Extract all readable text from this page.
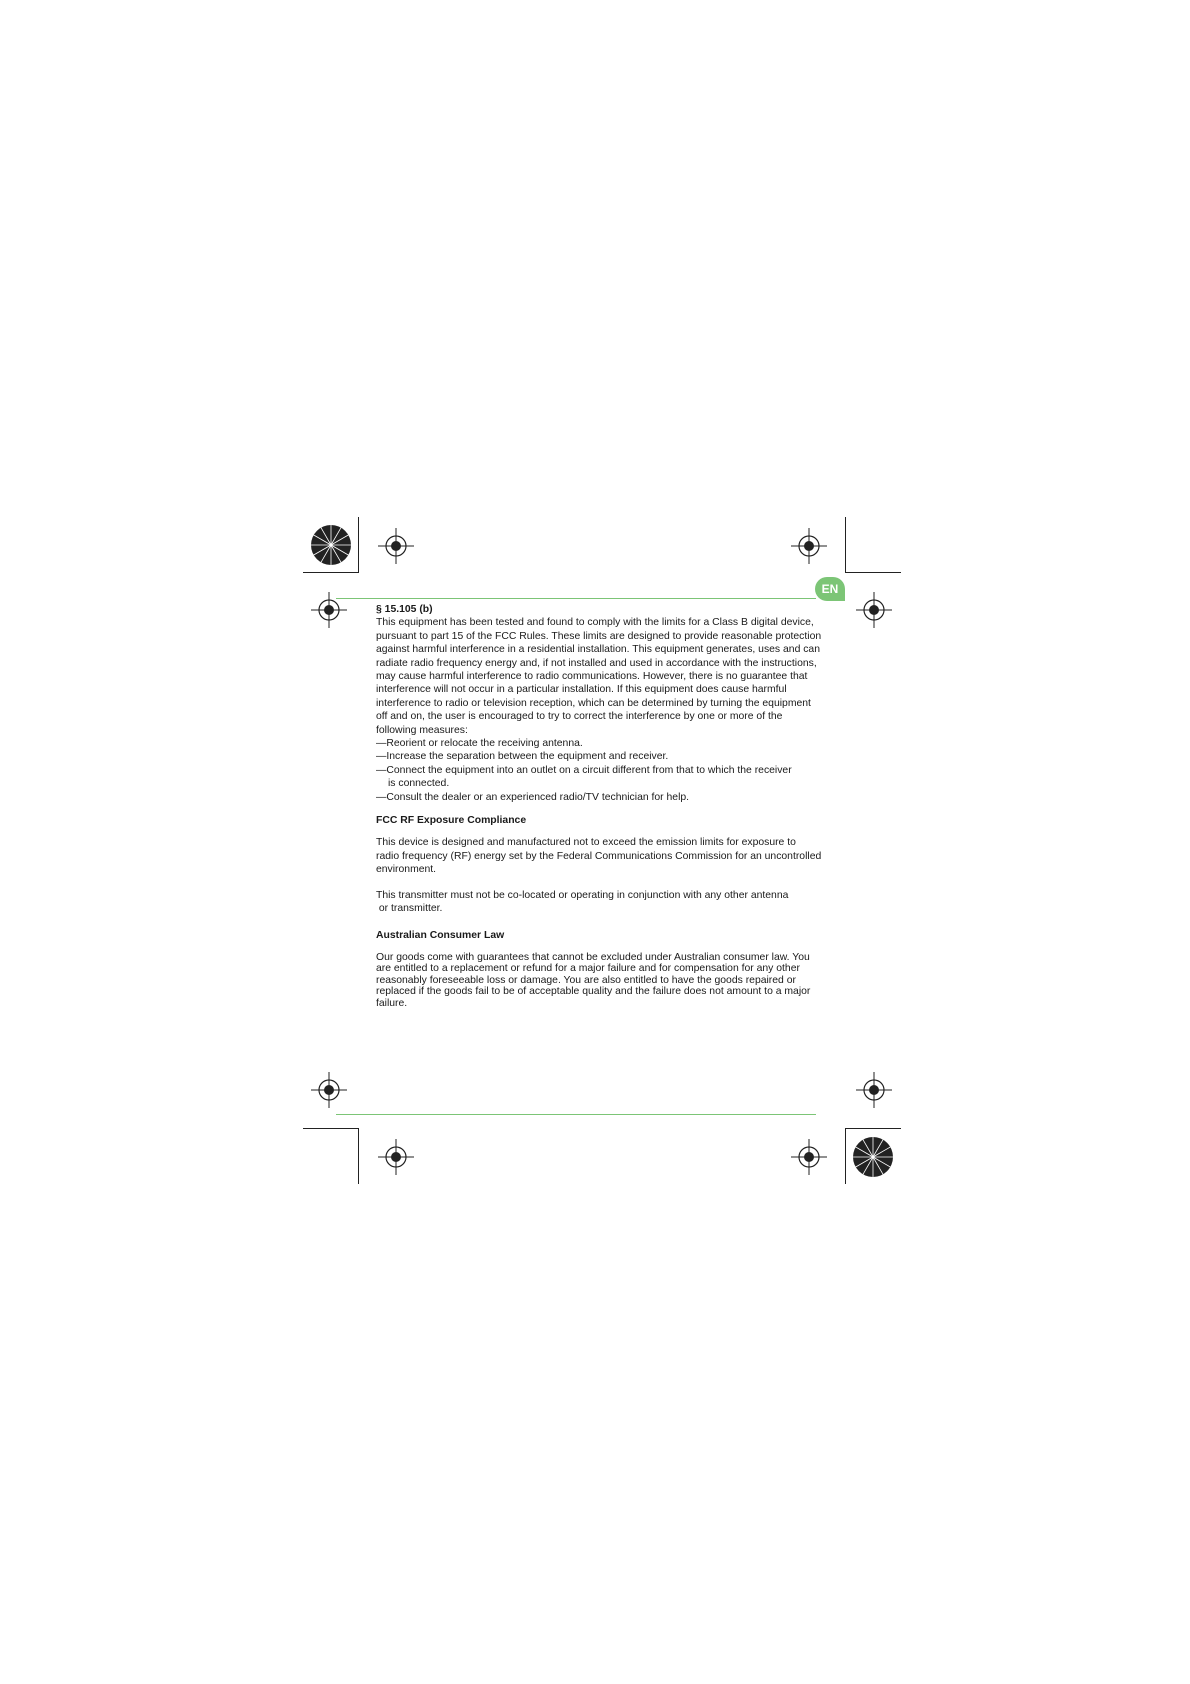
EN
§ 15.105 (b)

This equipment has been tested and found to comply with the limits for a Class B digital device,

pursuant to part 15 of the FCC Rules. These limits are designed to provide reasonable protection

against harmful interference in a residential installation. This equipment generates, uses and can

radiate radio frequency energy and, if not installed and used in accordance with the instructions,

may cause harmful interference to radio communications. However, there is no guarantee that

interference will not occur in a particular installation. If this equipment does cause harmful

interference to radio or television reception, which can be determined by turning the equipment

off and on, the user is encouraged to try to correct the interference by one or more of the

following measures:

—Reorient or relocate the receiving antenna.

—Increase the separation between the equipment and receiver.

—Connect the equipment into an outlet on a circuit different from that to which the receiver

is connected.

—Consult the dealer or an experienced radio/TV technician for help.

FCC RF Exposure Compliance

This device is designed and manufactured not to exceed the emission limits for exposure to

radio frequency (RF) energy set by the Federal Communications Commission for an uncontrolled

environment.

This transmitter must not be co-located or operating in conjunction with any other antenna

or transmitter.

Australian Consumer Law

Our goods come with guarantees that cannot be excluded under Australian consumer law. You

are entitled to a replacement or refund for a major failure and for compensation for any other

reasonably foreseeable loss or damage. You are also entitled to have the goods repaired or

replaced if the goods fail to be of acceptable quality and the failure does not amount to a major

failure.
